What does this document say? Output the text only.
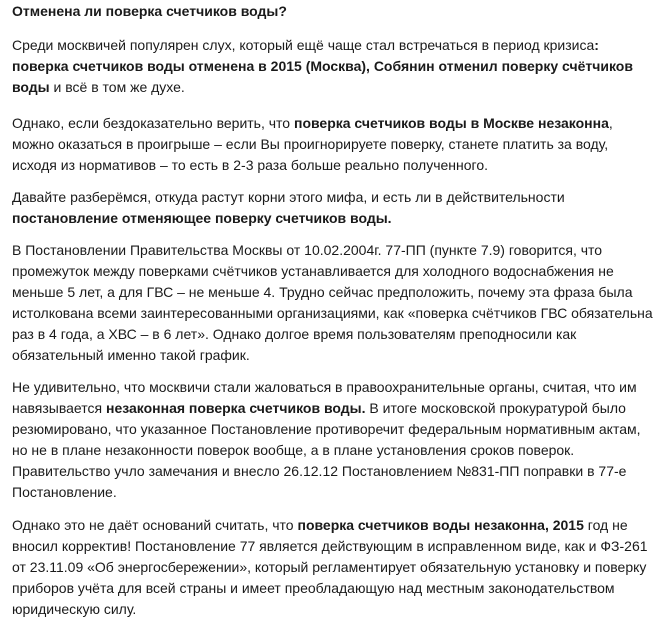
Отменена ли поверка счетчиков воды?

Среди москвичей популярен слух, который ещё чаще стал встречаться в период кризиса: поверка счетчиков воды отменена в 2015 (Москва), Собянин отменил поверку счётчиков воды и всё в том же духе.

Однако, если бездоказательно верить, что поверка счетчиков воды в Москве незаконна, можно оказаться в проигрыше – если Вы проигнорируете поверку, станете платить за воду, исходя из нормативов – то есть в 2-3 раза больше реально полученного.

Давайте разберёмся, откуда растут корни этого мифа, и есть ли в действительности постановление отменяющее поверку счетчиков воды.

В Постановлении Правительства Москвы от 10.02.2004г. 77-ПП (пункте 7.9) говорится, что промежуток между поверками счётчиков устанавливается для холодного водоснабжения не меньше 5 лет, а для ГВС – не меньше 4. Трудно сейчас предположить, почему эта фраза была истолкована всеми заинтересованными организациями, как «поверка счётчиков ГВС обязательна раз в 4 года, а ХВС – в 6 лет». Однако долгое время пользователям преподносили как обязательный именно такой график.

Не удивительно, что москвичи стали жаловаться в правоохранительные органы, считая, что им навязывается незаконная поверка счетчиков воды. В итоге московской прокуратурой было резюмировано, что указанное Постановление противоречит федеральным нормативным актам, но не в плане незаконности поверок вообще, а в плане установления сроков поверок. Правительство учло замечания и внесло 26.12.12 Постановлением №831-ПП поправки в 77-е Постановление.

Однако это не даёт оснований считать, что поверка счетчиков воды незаконна, 2015 год не вносил корректив! Постановление 77 является действующим в исправленном виде, как и ФЗ-261 от 23.11.09 «Об энергосбережении», который регламентирует обязательную установку и поверку приборов учёта для всей страны и имеет преобладающую над местным законодательством юридическую силу.
